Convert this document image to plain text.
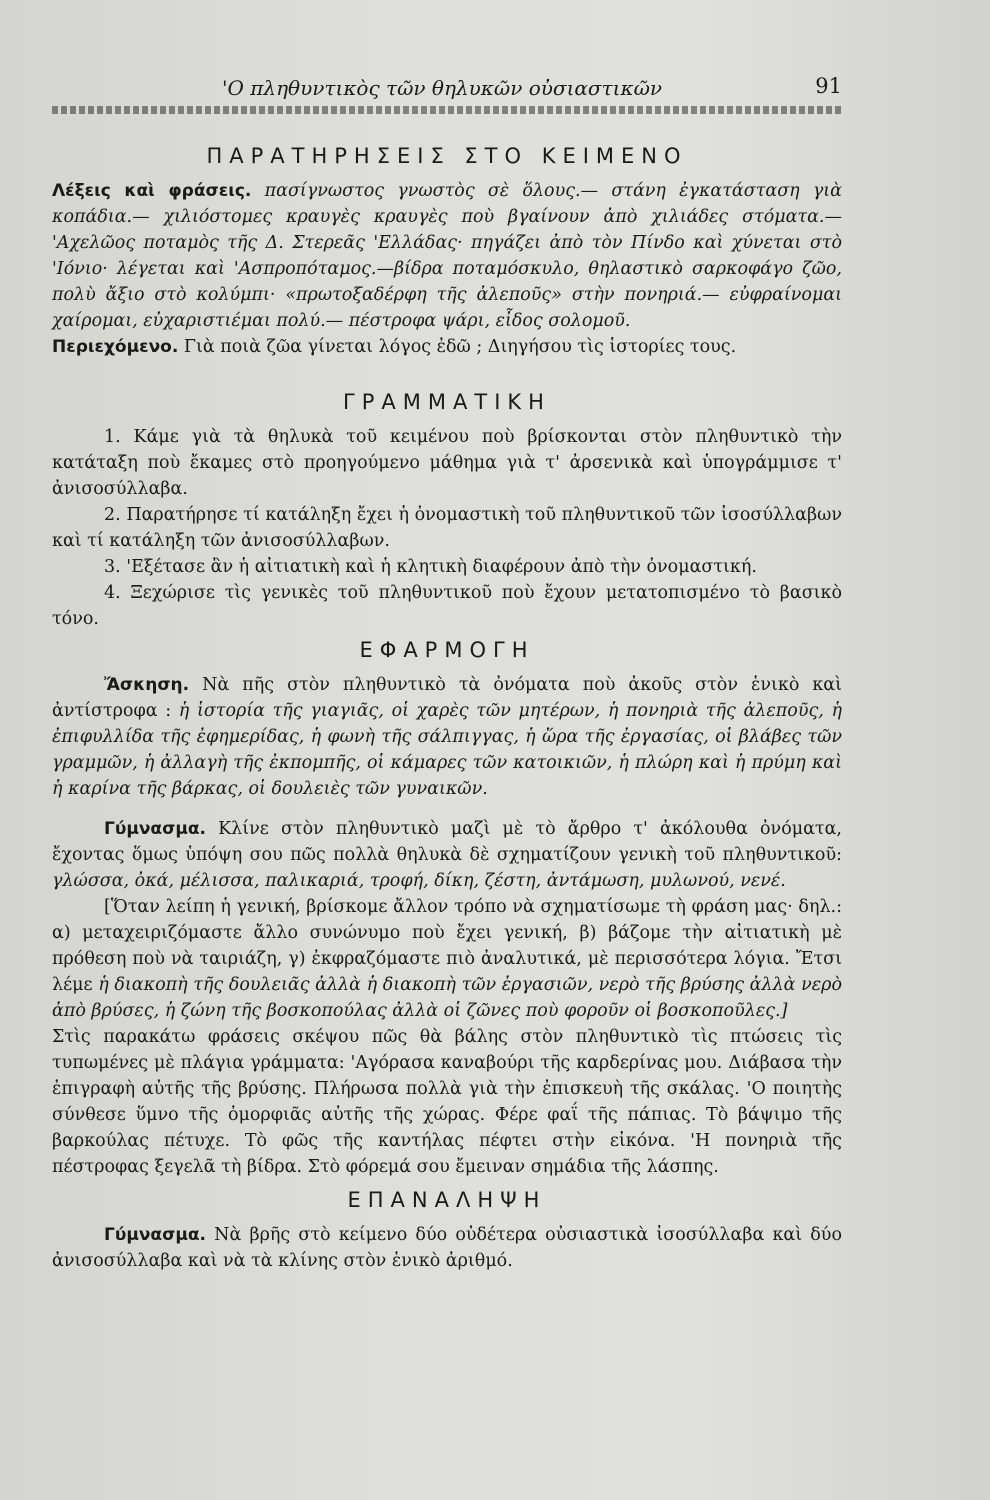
'Ο πληθυντικὸς τῶν θηλυκῶν οὐσιαστικῶν	91
ΠΑΡΑΤΗΡΗΣΕΙΣ ΣΤΟ ΚΕΙΜΕΝΟ

Λέξεις καὶ φράσεις. πασίγνωστος γνωστὸς σὲ ὅλους.— στάνη ἐγκατάσταση γιὰ κοπάδια.— χιλιόστομες κραυγὲς κραυγὲς ποὺ βγαίνουν ἀπὸ χιλιάδες στόματα.— 'Αχελῶος ποταμὸς τῆς Δ. Στερεᾶς 'Ελλάδας· πηγάζει ἀπὸ τὸν Πίνδο καὶ χύνεται στὸ 'Ιόνιο· λέγεται καὶ 'Ασπροπόταμος.—βίδρα ποταμόσκυλο, θηλαστικὸ σαρκοφάγο ζῶο, πολὺ ἄξιο στὸ κολύμπι· «πρωτοξαδέρφη τῆς ἀλεποῦς» στὴν πονηριά.— εὐφραίνομαι χαίρομαι, εὐχαριστιέμαι πολύ.— πέστροφα ψάρι, εἶδος σολομοῦ.

Περιεχόμενο. Γιὰ ποιὰ ζῶα γίνεται λόγος ἐδῶ ; Διηγήσου τὶς ἱστορίες τους.

ΓΡΑΜΜΑΤΙΚΗ

1. Κάμε γιὰ τὰ θηλυκὰ τοῦ κειμένου ποὺ βρίσκονται στὸν πληθυντικὸ τὴν κατάταξη ποὺ ἔκαμες στὸ προηγούμενο μάθημα γιὰ τ' ἀρσενικὰ καὶ ὑπογράμμισε τ' ἀνισοσύλλαβα.

2. Παρατήρησε τί κατάληξη ἔχει ἡ ὀνομαστικὴ τοῦ πληθυντικοῦ τῶν ἰσοσύλλαβων καὶ τί κατάληξη τῶν ἀνισοσύλλαβων.

3. 'Εξέτασε ἂν ἡ αἰτιατικὴ καὶ ἡ κλητικὴ διαφέρουν ἀπὸ τὴν ὀνομαστική.

4. Ξεχώρισε τὶς γενικὲς τοῦ πληθυντικοῦ ποὺ ἔχουν μετατοπισμένο τὸ βασικὸ τόνο.

ΕΦΑΡΜΟΓΗ

Ἄσκηση. Νὰ πῆς στὸν πληθυντικὸ τὰ ὀνόματα ποὺ ἀκοῦς στὸν ἑνικὸ καὶ ἀντίστροφα : ἡ ἱστορία τῆς γιαγιᾶς, οἱ χαρὲς τῶν μητέρων, ἡ πονηριὰ τῆς ἀλεποῦς, ἡ ἐπιφυλλίδα τῆς ἐφημερίδας, ἡ φωνὴ τῆς σάλπιγγας, ἡ ὥρα τῆς ἐργασίας, οἱ βλάβες τῶν γραμμῶν, ἡ ἀλλαγὴ τῆς ἐκπομπῆς, οἱ κάμαρες τῶν κατοικιῶν, ἡ πλώρη καὶ ἡ πρύμη καὶ ἡ καρίνα τῆς βάρκας, οἱ δουλειὲς τῶν γυναικῶν.

Γύμνασμα. Κλίνε στὸν πληθυντικὸ μαζὶ μὲ τὸ ἄρθρο τ' ἀκόλουθα ὀνόματα, ἔχοντας ὅμως ὑπόψη σου πῶς πολλὰ θηλυκὰ δὲ σχηματίζουν γενικὴ τοῦ πληθυντικοῦ: γλώσσα, ὀκά, μέλισσα, παλικαριά, τροφή, δίκη, ζέστη, ἀντάμωση, μυλωνού, νενέ.

[Ὅταν λείπη ἡ γενική, βρίσκομε ἄλλον τρόπο νὰ σχηματίσωμε τὴ φράση μας· δηλ.: α) μεταχειριζόμαστε ἄλλο συνώνυμο ποὺ ἔχει γενική, β) βάζομε τὴν αἰτιατικὴ μὲ πρόθεση ποὺ νὰ ταιριάζη, γ) ἐκφραζόμαστε πιὸ ἀναλυτικά, μὲ περισσότερα λόγια. Ἔτσι λέμε ἡ διακοπὴ τῆς δουλειᾶς ἀλλὰ ἡ διακοπὴ τῶν ἐργασιῶν, νερὸ τῆς βρύσης ἀλλὰ νερὸ ἀπὸ βρύσες, ἡ ζώνη τῆς βοσκοπούλας ἀλλὰ οἱ ζῶνες ποὺ φοροῦν οἱ βοσκοποῦλες.]

Στὶς παρακάτω φράσεις σκέψου πῶς θὰ βάλης στὸν πληθυντικὸ τὶς πτώσεις τὶς τυπωμένες μὲ πλάγια γράμματα: 'Αγόρασα καναβούρι τῆς καρδερίνας μου. Διάβασα τὴν ἐπιγραφὴ αὐτῆς τῆς βρύσης. Πλήρωσα πολλὰ γιὰ τὴν ἐπισκευὴ τῆς σκάλας. 'Ο ποιητὴς σύνθεσε ὕμνο τῆς ὀμορφιᾶς αὐτῆς τῆς χώρας. Φέρε φαΐ τῆς πάπιας. Τὸ βάψιμο τῆς βαρκούλας πέτυχε. Τὸ φῶς τῆς καντήλας πέφτει στὴν εἰκόνα. 'Η πονηριὰ τῆς πέστροφας ξεγελᾶ τὴ βίδρα. Στὸ φόρεμά σου ἔμειναν σημάδια τῆς λάσπης.

ΕΠΑΝΑΛΗΨΗ

Γύμνασμα. Νὰ βρῆς στὸ κείμενο δύο οὐδέτερα οὐσιαστικὰ ἰσοσύλλαβα καὶ δύο ἀνισοσύλλαβα καὶ νὰ τὰ κλίνης στὸν ἑνικὸ ἀριθμό.
